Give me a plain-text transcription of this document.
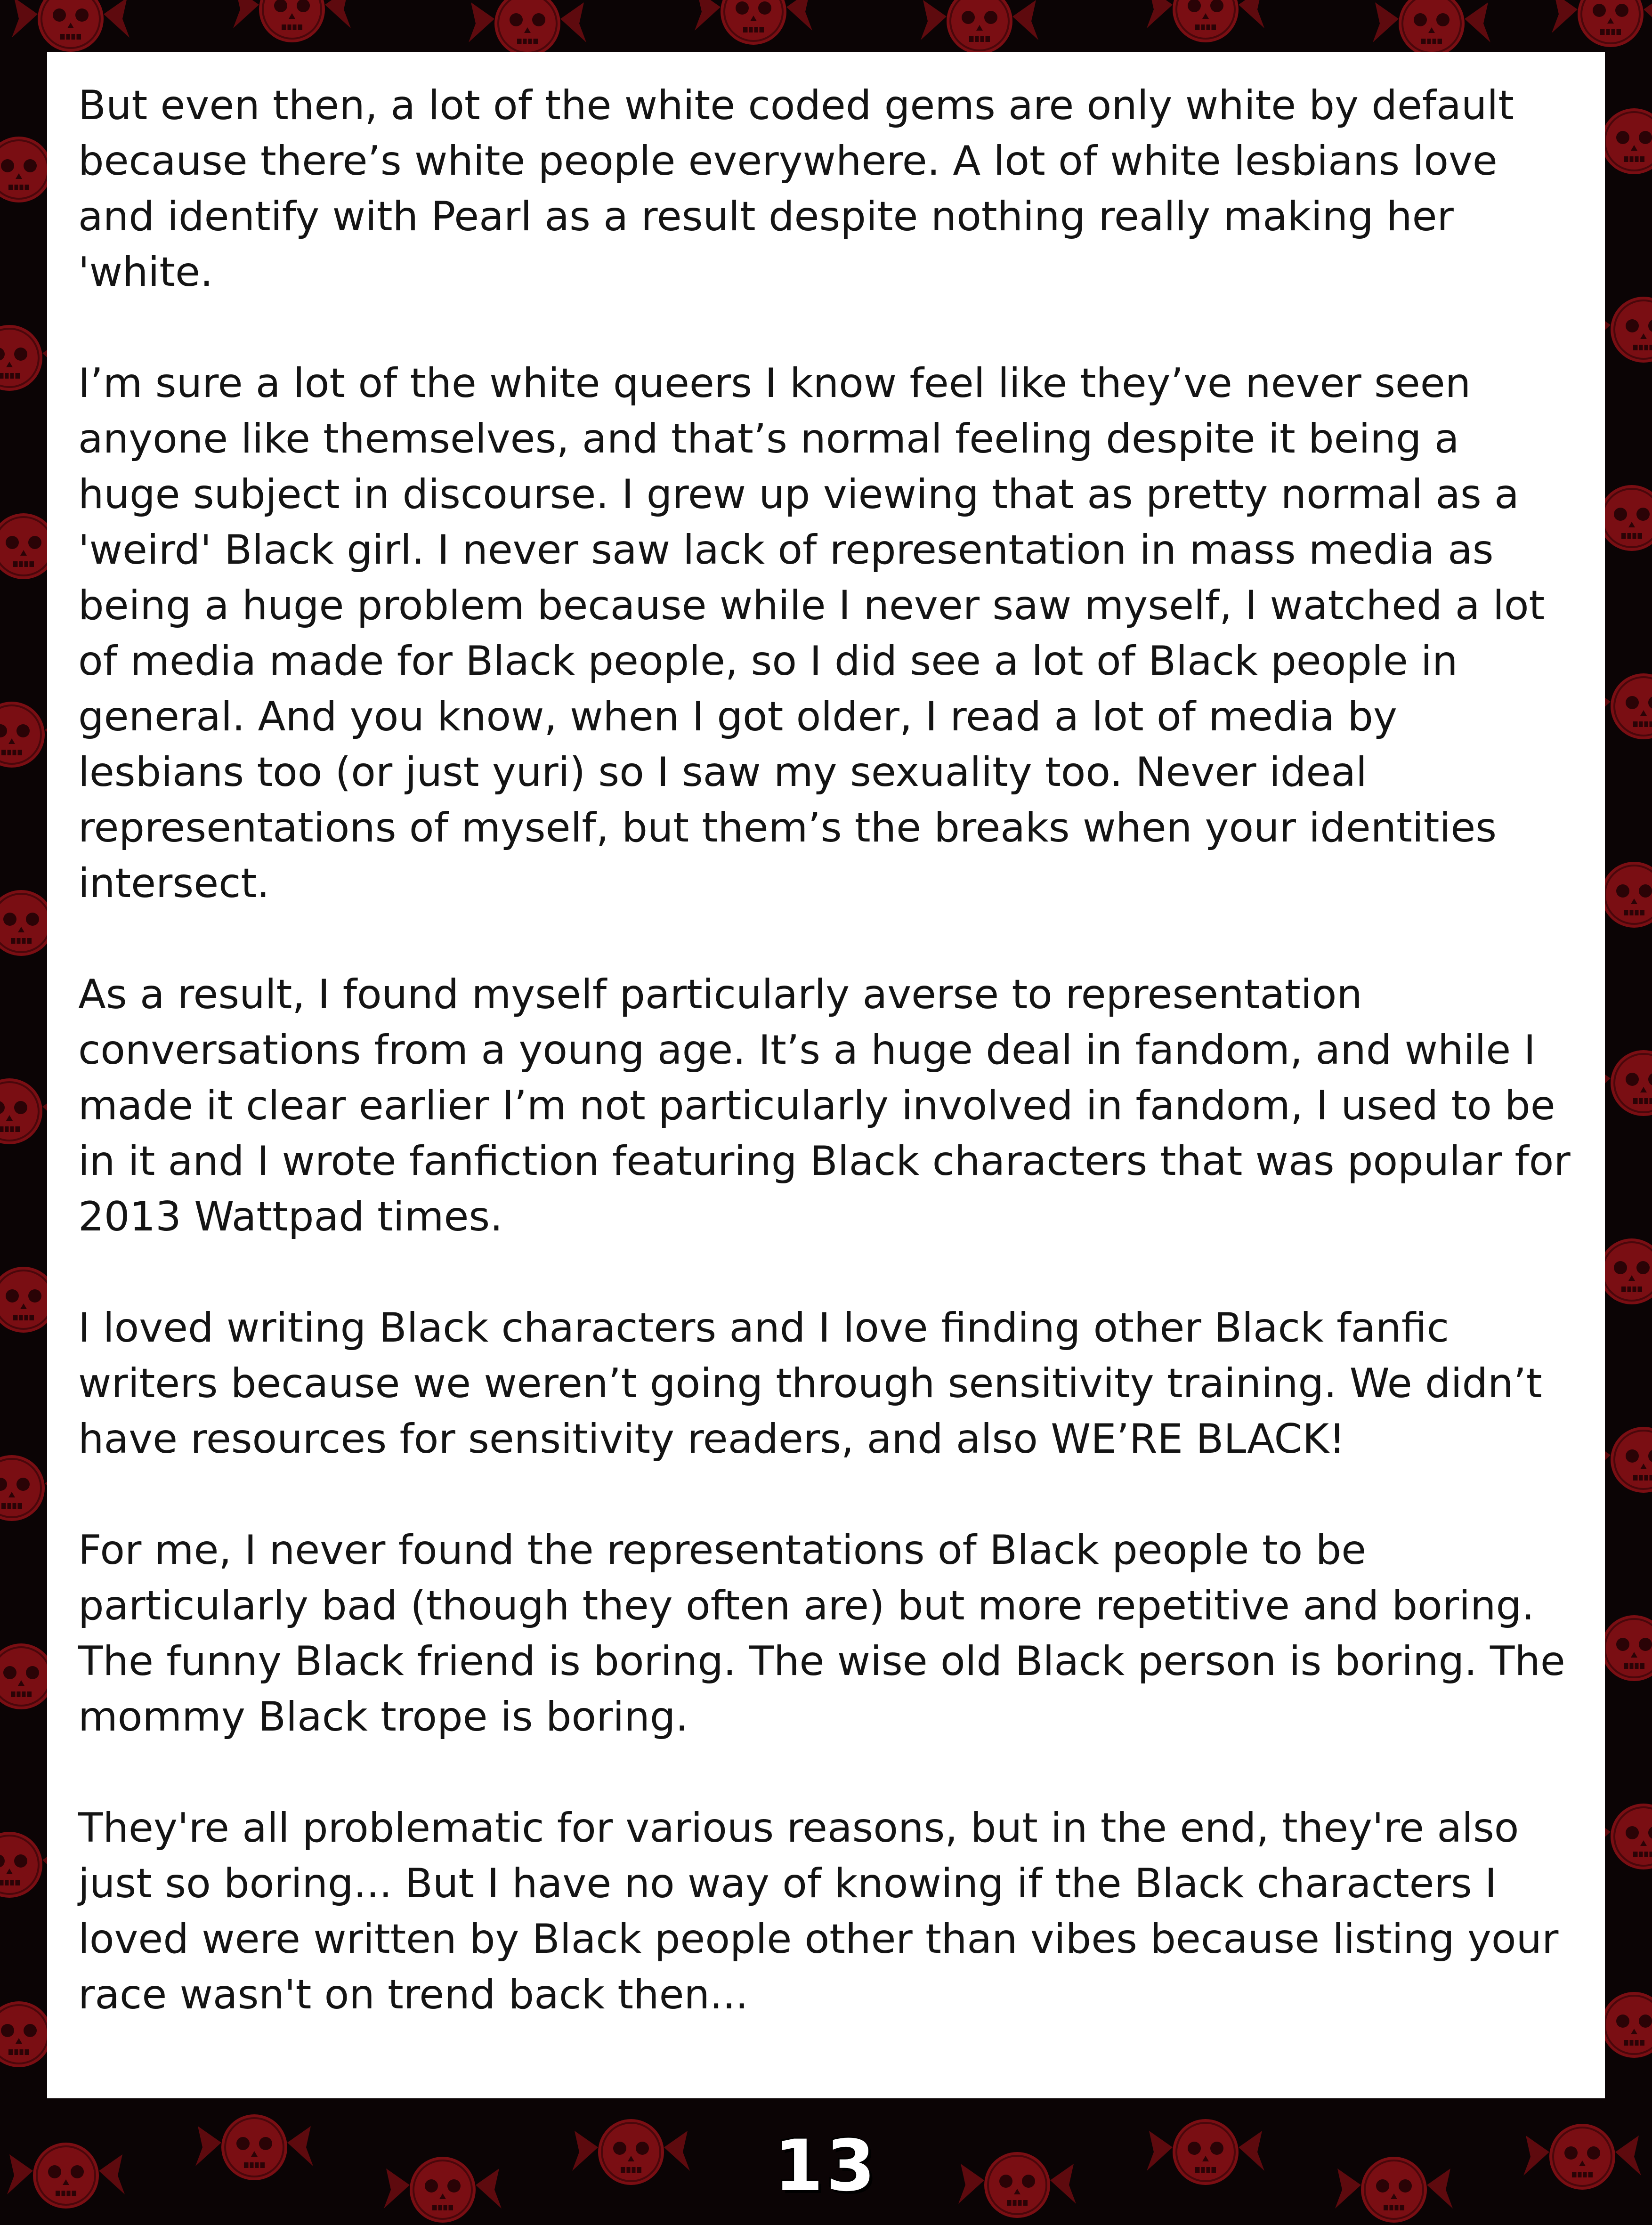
But even then, a lot of the white coded gems are only white by default because there’s white people everywhere. A lot of white lesbians love and identify with Pearl as a result despite nothing really making her 'white.

I’m sure a lot of the white queers I know feel like they’ve never seen anyone like themselves, and that’s normal feeling despite it being a huge subject in discourse. I grew up viewing that as pretty normal as a 'weird' Black girl. I never saw lack of representation in mass media as being a huge problem because while I never saw myself, I watched a lot of media made for Black people, so I did see a lot of Black people in general. And you know, when I got older, I read a lot of media by lesbians too (or just yuri) so I saw my sexuality too. Never ideal representations of myself, but them’s the breaks when your identities intersect.

As a result, I found myself particularly averse to representation conversations from a young age. It’s a huge deal in fandom, and while I made it clear earlier I’m not particularly involved in fandom, I used to be in it and I wrote fanfiction featuring Black characters that was popular for 2013 Wattpad times.

I loved writing Black characters and I love finding other Black fanfic writers because we weren’t going through sensitivity training. We didn’t have resources for sensitivity readers, and also WE’RE BLACK!

For me, I never found the representations of Black people to be particularly bad (though they often are) but more repetitive and boring. The funny Black friend is boring. The wise old Black person is boring. The mommy Black trope is boring.

They're all problematic for various reasons, but in the end, they're also just so boring... But I have no way of knowing if the Black characters I loved were written by Black people other than vibes because listing your race wasn't on trend back then...

13
